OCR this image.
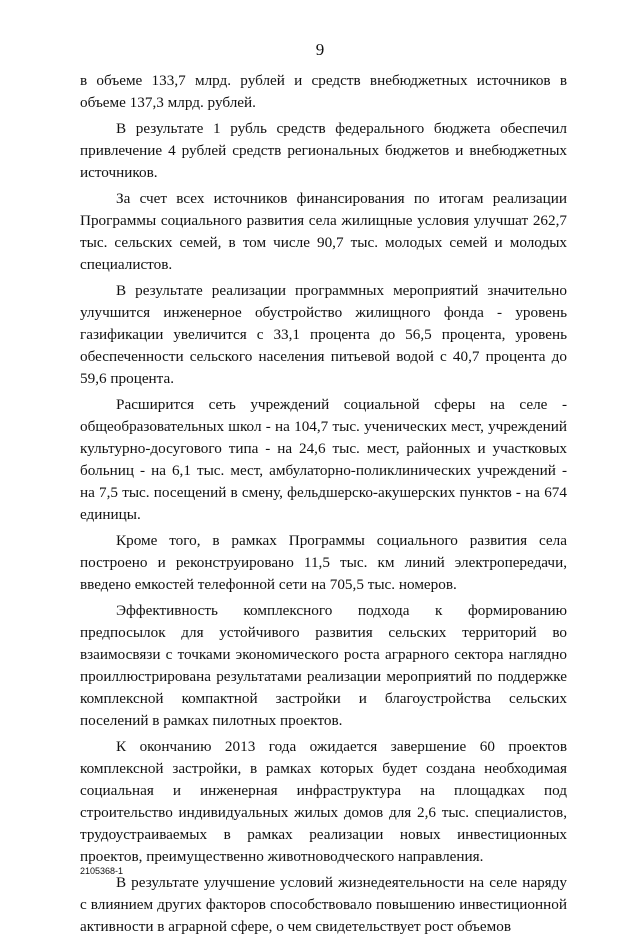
9

в объеме 133,7 млрд. рублей и средств внебюджетных источников в объеме 137,3 млрд. рублей.

В результате 1 рубль средств федерального бюджета обеспечил привлечение 4 рублей средств региональных бюджетов и внебюджетных источников.

За счет всех источников финансирования по итогам реализации Программы социального развития села жилищные условия улучшат 262,7 тыс. сельских семей, в том числе 90,7 тыс. молодых семей и молодых специалистов.

В результате реализации программных мероприятий значительно улучшится инженерное обустройство жилищного фонда - уровень газификации увеличится с 33,1 процента до 56,5 процента, уровень обеспеченности сельского населения питьевой водой с 40,7 процента до 59,6 процента.

Расширится сеть учреждений социальной сферы на селе - общеобразовательных школ - на 104,7 тыс. ученических мест, учреждений культурно-досугового типа - на 24,6 тыс. мест, районных и участковых больниц - на 6,1 тыс. мест, амбулаторно-поликлинических учреждений - на 7,5 тыс. посещений в смену, фельдшерско-акушерских пунктов - на 674 единицы.

Кроме того, в рамках Программы социального развития села построено и реконструировано 11,5 тыс. км линий электропередачи, введено емкостей телефонной сети на 705,5 тыс. номеров.

Эффективность комплексного подхода к формированию предпосылок для устойчивого развития сельских территорий во взаимосвязи с точками экономического роста аграрного сектора наглядно проиллюстрирована результатами реализации мероприятий по поддержке комплексной компактной застройки и благоустройства сельских поселений в рамках пилотных проектов.

К окончанию 2013 года ожидается завершение 60 проектов комплексной застройки, в рамках которых будет создана необходимая социальная и инженерная инфраструктура на площадках под строительство индивидуальных жилых домов для 2,6 тыс. специалистов, трудоустраиваемых в рамках реализации новых инвестиционных проектов, преимущественно животноводческого направления.

В результате улучшение условий жизнедеятельности на селе наряду с влиянием других факторов способствовало повышению инвестиционной активности в аграрной сфере, о чем свидетельствует рост объемов

2105368-1
